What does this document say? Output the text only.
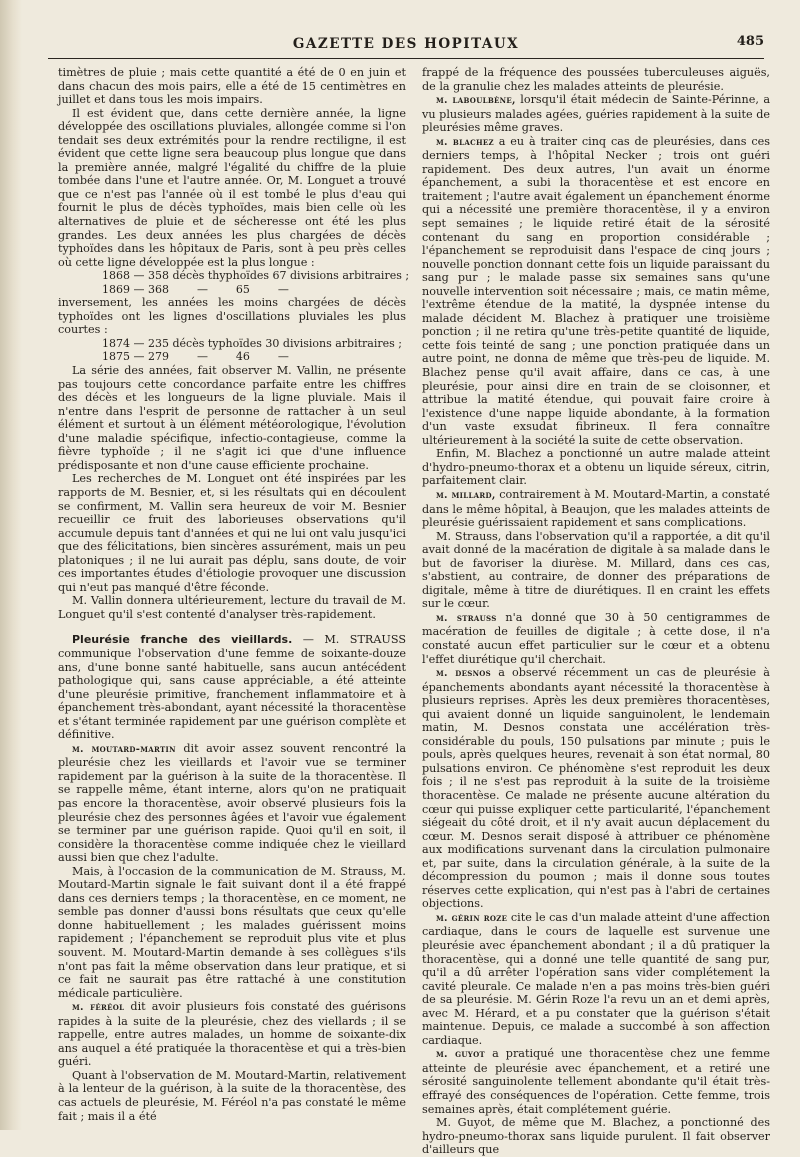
GAZETTE DES HOPITAUX	485

timètres de pluie ; mais cette quantité a été de 0 en juin et dans chacun des mois pairs, elle a été de 15 centimètres en juillet et dans tous les mois impairs.

Il est évident que, dans cette dernière année, la ligne développée des oscillations pluviales, allongée comme si l'on tendait ses deux extrémités pour la rendre rectiligne, il est évident que cette ligne sera beaucoup plus longue que dans la première année, malgré l'égalité du chiffre de la pluie tombée dans l'une et l'autre année. Or, M. Longuet a trouvé que ce n'est pas l'année où il est tombé le plus d'eau qui fournit le plus de décès typhoïdes, mais bien celle où les alternatives de pluie et de sécheresse ont été les plus grandes. Les deux années les plus chargées de décès typhoïdes dans les hôpitaux de Paris, sont à peu près celles où cette ligne développée est la plus longue :

1868 — 358 décès thyphoïdes 67 divisions arbitraires ;

1869 — 368        —        65        —

inversement, les années les moins chargées de décès typhoïdes ont les lignes d'oscillations pluviales les plus courtes :

1874 — 235 décès typhoïdes 30 divisions arbitraires ;

1875 — 279        —        46        —

La série des années, fait observer M. Vallin, ne présente pas toujours cette concordance parfaite entre les chiffres des décès et les longueurs de la ligne pluviale. Mais il n'entre dans l'esprit de personne de rattacher à un seul élément et surtout à un élément météorologique, l'évolution d'une maladie spécifique, infectio-contagieuse, comme la fièvre typhoïde ; il ne s'agit ici que d'une influence prédisposante et non d'une cause efficiente prochaine.

Les recherches de M. Longuet ont été inspirées par les rapports de M. Besnier, et, si les résultats qui en découlent se confirment, M. Vallin sera heureux de voir M. Besnier recueillir ce fruit des laborieuses observations qu'il accumule depuis tant d'années et qui ne lui ont valu jusqu'ici que des félicitations, bien sincères assurément, mais un peu platoniques ; il ne lui aurait pas déplu, sans doute, de voir ces importantes études d'étiologie provoquer une discussion qui n'eut pas manqué d'être féconde.

M. Vallin donnera ultérieurement, lecture du travail de M. Longuet qu'il s'est contenté d'analyser très-rapidement.

Pleurésie franche des vieillards. — M. STRAUSS communique l'observation d'une femme de soixante-douze ans, d'une bonne santé habituelle, sans aucun antécédent pathologique qui, sans cause appréciable, a été atteinte d'une pleurésie primitive, franchement inflammatoire et à épanchement très-abondant, ayant nécessité la thoracentèse et s'étant terminée rapidement par une guérison complète et définitive.

m. moutard-martin dit avoir assez souvent rencontré la pleurésie chez les vieillards et l'avoir vue se terminer rapidement par la guérison à la suite de la thoracentèse. Il se rappelle même, étant interne, alors qu'on ne pratiquait pas encore la thoracentèse, avoir observé plusieurs fois la pleurésie chez des personnes âgées et l'avoir vue également se terminer par une guérison rapide. Quoi qu'il en soit, il considère la thoracentèse comme indiquée chez le vieillard aussi bien que chez l'adulte.

Mais, à l'occasion de la communication de M. Strauss, M. Moutard-Martin signale le fait suivant dont il a été frappé dans ces derniers temps ; la thoracentèse, en ce moment, ne semble pas donner d'aussi bons résultats que ceux qu'elle donne habituellement ; les malades guérissent moins rapidement ; l'épanchement se reproduit plus vite et plus souvent. M. Moutard-Martin demande à ses collègues s'ils n'ont pas fait la même observation dans leur pratique, et si ce fait ne saurait pas être rattaché à une constitution médicale particulière.

m. féréol dit avoir plusieurs fois constaté des guérisons rapides à la suite de la pleurésie, chez des viellards ; il se rappelle, entre autres malades, un homme de soixante-dix ans auquel a été pratiquée la thoracentèse et qui a très-bien guéri.

Quant à l'observation de M. Moutard-Martin, relativement à la lenteur de la guérison, à la suite de la thoracentèse, des cas actuels de pleurésie, M. Féréol n'a pas constaté le même fait ; mais il a été

frappé de la fréquence des poussées tuberculeuses aiguës, de la granulie chez les malades atteints de pleurésie.

m. laboulbène, lorsqu'il était médecin de Sainte-Périnne, a vu plusieurs malades agées, guéries rapidement à la suite de pleurésies même graves.

m. blachez a eu à traiter cinq cas de pleurésies, dans ces derniers temps, à l'hôpital Necker ; trois ont guéri rapidement. Des deux autres, l'un avait un énorme épanchement, a subi la thoracentèse et est encore en traitement ; l'autre avait également un épanchement énorme qui a nécessité une première thoracentèse, il y a environ sept semaines ; le liquide retiré était de la sérosité contenant du sang en proportion considérable ; l'épanchement se reproduisit dans l'espace de cinq jours ; nouvelle ponction donnant cette fois un liquide paraissant du sang pur ; le malade passe six semaines sans qu'une nouvelle intervention soit nécessaire ; mais, ce matin même, l'extrême étendue de la matité, la dyspnée intense du malade décident M. Blachez à pratiquer une troisième ponction ; il ne retira qu'une très-petite quantité de liquide, cette fois teinté de sang ; une ponction pratiquée dans un autre point, ne donna de même que très-peu de liquide. M. Blachez pense qu'il avait affaire, dans ce cas, à une pleurésie, pour ainsi dire en train de se cloisonner, et attribue la matité étendue, qui pouvait faire croire à l'existence d'une nappe liquide abondante, à la formation d'un vaste exsudat fibrineux. Il fera connaître ultérieurement à la société la suite de cette observation.

Enfin, M. Blachez a ponctionné un autre malade atteint d'hydro-pneumo-thorax et a obtenu un liquide séreux, citrin, parfaitement clair.

m. millard, contrairement à M. Moutard-Martin, a constaté dans le même hôpital, à Beaujon, que les malades atteints de pleurésie guérissaient rapidement et sans complications.

M. Strauss, dans l'observation qu'il a rapportée, a dit qu'il avait donné de la macération de digitale à sa malade dans le but de favoriser la diurèse. M. Millard, dans ces cas, s'abstient, au contraire, de donner des préparations de digitale, même à titre de diurétiques. Il en craint les effets sur le cœur.

m. strauss n'a donné que 30 à 50 centigrammes de macération de feuilles de digitale ; à cette dose, il n'a constaté aucun effet particulier sur le cœur et a obtenu l'effet diurétique qu'il cherchait.

m. desnos a observé récemment un cas de pleurésie à épanchements abondants ayant nécessité la thoracentèse à plusieurs reprises. Après les deux premières thoracentèses, qui avaient donné un liquide sanguinolent, le lendemain matin, M. Desnos constata une accélération très-considérable du pouls, 150 pulsations par minute ; puis le pouls, après quelques heures, revenait à son état normal, 80 pulsations environ. Ce phénomène s'est reproduit les deux fois ; il ne s'est pas reproduit à la suite de la troisième thoracentèse. Ce malade ne présente aucune altération du cœur qui puisse expliquer cette particularité, l'épanchement siégeait du côté droit, et il n'y avait aucun déplacement du cœur. M. Desnos serait disposé à attribuer ce phénomène aux modifications survenant dans la circulation pulmonaire et, par suite, dans la circulation générale, à la suite de la décompression du poumon ; mais il donne sous toutes réserves cette explication, qui n'est pas à l'abri de certaines objections.

m. gérin roze cite le cas d'un malade atteint d'une affection cardiaque, dans le cours de laquelle est survenue une pleurésie avec épanchement abondant ; il a dû pratiquer la thoracentèse, qui a donné une telle quantité de sang pur, qu'il a dû arrêter l'opération sans vider complétement la cavité pleurale. Ce malade n'en a pas moins très-bien guéri de sa pleurésie. M. Gérin Roze l'a revu un an et demi après, avec M. Hérard, et a pu constater que la guérison s'était maintenue. Depuis, ce malade a succombé à son affection cardiaque.

m. guyot a pratiqué une thoracentèse chez une femme atteinte de pleurésie avec épanchement, et a retiré une sérosité sanguinolente tellement abondante qu'il était très-effrayé des conséquences de l'opération. Cette femme, trois semaines après, était complétement guérie.

M. Guyot, de même que M. Blachez, a ponctionné des hydro-pneumo-thorax sans liquide purulent. Il fait observer d'ailleurs que
